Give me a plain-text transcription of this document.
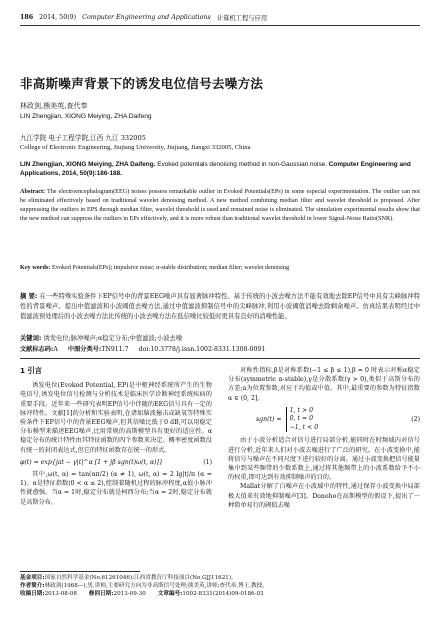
186 2014, 50(9) Computer Engineering and Applications 计算机工程与应用
非高斯噪声背景下的诱发电位信号去噪方法
林政剑,熊美英,查代奉
LIN Zhengjian, XIONG Meiying, ZHA Daifeng
九江学院 电子工程学院,江西 九江 332005
College of Electronic Engineering, Jiujiang University, Jiujiang, Jiangxi 332005, China
LIN Zhengjian, XIONG Meiying, ZHA Daifeng. Evoked potentials denoising method in non-Gaussian noise. Computer Engineering and Applications, 2014, 50(9):186-188.
Abstract: The electroencephalogram(EEG) noises possess remarkable outlier in Evoked Potentials(EPs) in some especial experimentation. The outlier can not be eliminated effectively based on traditional wavelet denoising method. A new method combining median filter and wavelet threshold is proposed. After suppressing the outliers in EPS through median filter, wavelet threshold is used and remained noise is eliminated. The simulation experimental results show that the new method can suppress the outliers in EPs effectively, and it is more robust than traditional wavelet threshold in lower Signal-Noise Ratio(SNR).
Key words: Evoked Potentials(EPs); impulsive noise; α-stable distribution; median filter; wavelet denoising
摘 要: 在一些特殊实验条件下EP信号中的背景EEG噪声具有显著脉冲特性。基于传统的小波去噪方法不能有效地去除EP信号中具有尖峰脉冲特性的背景噪声。提出中值滤波和小波阈值去噪方法,通过中值滤波抑制信号中的尖峰脉冲,利用小波阈值消噪去除剩余噪声。仿真结果表明经过中值滤波预处理后的小波去噪方法比传统的小波去噪方法在低信噪比较低时更具有良好的消噪性能。
关键词: 诱发电位;脉冲噪声;α稳定分布;中值滤波;小波去噪
文献标志码:A 中图分类号:TN911.7 doi:10.3778/j.issn.1002-8331.1308-0091
1 引言

诱发电位(Evoked Potential, EP)是中枢神经系统所产生的生物电信号,诱发电位信号检测与分析技术是临床医学诊断神经系统疾病的重要手段。近年来一些研究表明EP信号中伴随的EEG信号具有一定的脉冲特性。文献[1]的分析和实验表明,在诸如脑波撞击或缺氧等特殊实验条件下EP信号中的背景EEG噪声,但其信噪比低于0 dB,可以用稳定分布模型来描述EEG噪声,比用常规的高斯模型具有更好的适应性。α稳定分布的统计特性由其特征函数的四个参数来决定。概率密度函数没有统一的封闭表达式,但它的特征函数存在统一的形式。

φ(t) = exp{jat − γ|t|^α [1 + jβ sgn(t)ω(t, α)]}	(1)

其中,ω(t, α) = tan(απ/2) (α ≠ 1), ω(t, α) = 2 lg|t|/π (α = 1)。α是特征指数(0 < α ≤ 2),控制着随机过程的脉冲程度,α值小脉冲性就愈强。当α = 1时,稳定分布就是柯西分布;当α = 2时,稳定分布就是高斯分布。

对称性指标,β是对称系数(−1 ≤ β ≤ 1),β = 0 时表示对称α稳定分布(symmetric α-stable),γ是分散系数(γ > 0),类似于高斯分布的方差;a为位置参数,对应于均值或中值。其中,最重要的参数为特征指数α ∈ (0, 2]。

sgn(t) =
1, t > 0
0, t = 0
−1, t < 0
(2)

由于小波分析适合对信号进行局部分析,能同时在时频域内对信号进行分析,近年来人们对小波去噪进行了广泛的研究。在小波变换中,能将信号与噪声在不同尺度下进行较好的分离。通过小波变换把信号能量集中到某些频带的少数系数上,通过将其他频带上的小波系数给予不小的权重,即可达到有效抑制噪声的目的。

Mallat分解了白噪声在小波域中的特性,通过保存小波变换中局部极大值来有效地抑制噪声[3]。Donoho在高斯模型的假设下,提出了一种简单易行的阈值去噪

基金项目:国家自然科学基金(No.61261046);江西省教育厅科技项目(No.GJJ11621)。
作者简介:林政剑(1968—),男,讲师,主要研究方向为非高斯信号处理;熊美英,讲师;查代奉,博士,教授。
收稿日期:2013-08-08 修回日期:2013-09-30 文章编号:1002-8331(2014)09-0186-03
